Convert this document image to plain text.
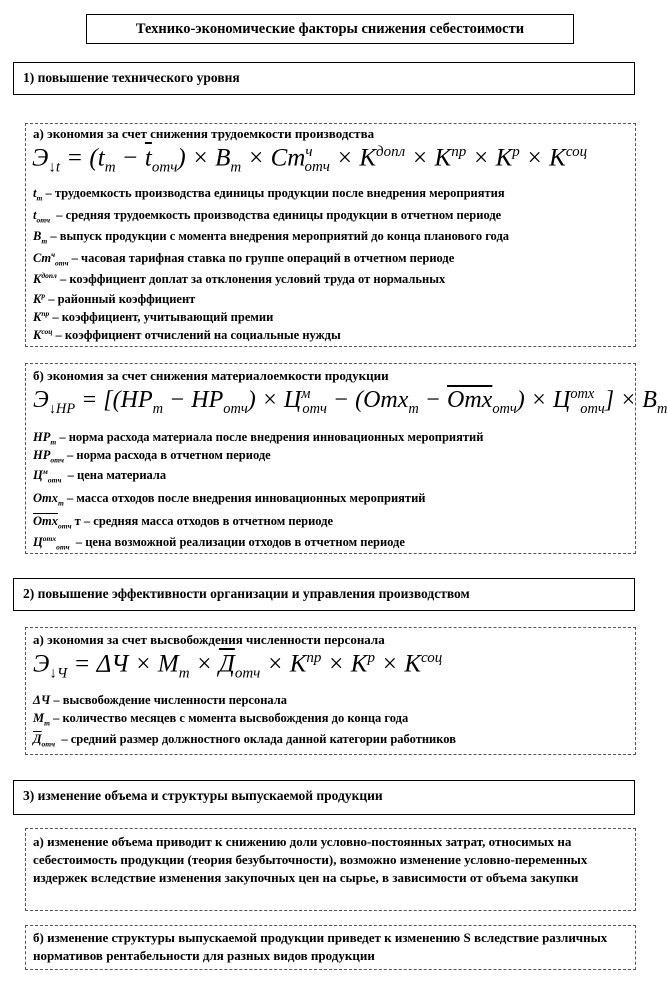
Технико-экономические факторы снижения себестоимости
1) повышение технического уровня
а) экономия за счет снижения трудоемкости производства
$Э_{↓t} = (t_m - \overline{t}_{отч}) \times B_m \times Cm^ч_{отч} \times K^{допл} \times K^{пр} \times K^р \times K^{соц}$
$t_m$ – трудоемкость производства единицы продукции после внедрения мероприятия
$t_{отч}$ – средняя трудоемкость производства единицы продукции в отчетном периоде
$B_m$ – выпуск продукции с момента внедрения мероприятий до конца планового года
$Cm^ч_{отч}$ – часовая тарифная ставка по группе операций в отчетном периоде
$K^{допл}$ – коэффициент доплат за отклонения условий труда от нормальных
$K^р$ – районный коэффициент
$K^{пр}$ – коэффициент, учитывающий премии
$K^{соц}$ – коэффициент отчислений на социальные нужды
б) экономия за счет снижения материалоемкости продукции
$Э_{↓HP} = [(HP_m - HP_{отч}) \times Ц^м_{отч} - (Omx_m - \overline{Omx}_{отч}) \times Ц^{отх}_{отч}] \times B_m$
$HP_m$ – норма расхода материала после внедрения инновационных мероприятий
$HP_{отч}$ – норма расхода в отчетном периоде
$Ц^м_{отч}$ – цена материала
Omx$_m$ – масса отходов после внедрения инновационных мероприятий
$\overline{Omx}_{отч}$ т – средняя масса отходов в отчетном периоде
$Ц^{отх}_{отч}$ – цена возможной реализации отходов в отчетном периоде
2) повышение эффективности организации и управления производством
а) экономия за счет высвобождения численности персонала
$Э_{↓Ч} = \Delta Ч \times M_m \times Д_{отч} \times K^{пр} \times K^р \times K^{соц}$
ΔЧ – высвобождение численности персонала
$M_m$ – количество месяцев с момента высвобождения до конца года
$Д_{отч}$ – средний размер должностного оклада данной категории работников
3) изменение объема и структуры выпускаемой продукции
а) изменение объема приводит к снижению доли условно-постоянных затрат, относимых на себестоимость продукции (теория безубыточности), возможно изменение условно-переменных издержек вследствие изменения закупочных цен на сырье, в зависимости от объема закупки
б) изменение структуры выпускаемой продукции приведет к изменению S вследствие различных нормативов рентабельности для разных видов продукции
